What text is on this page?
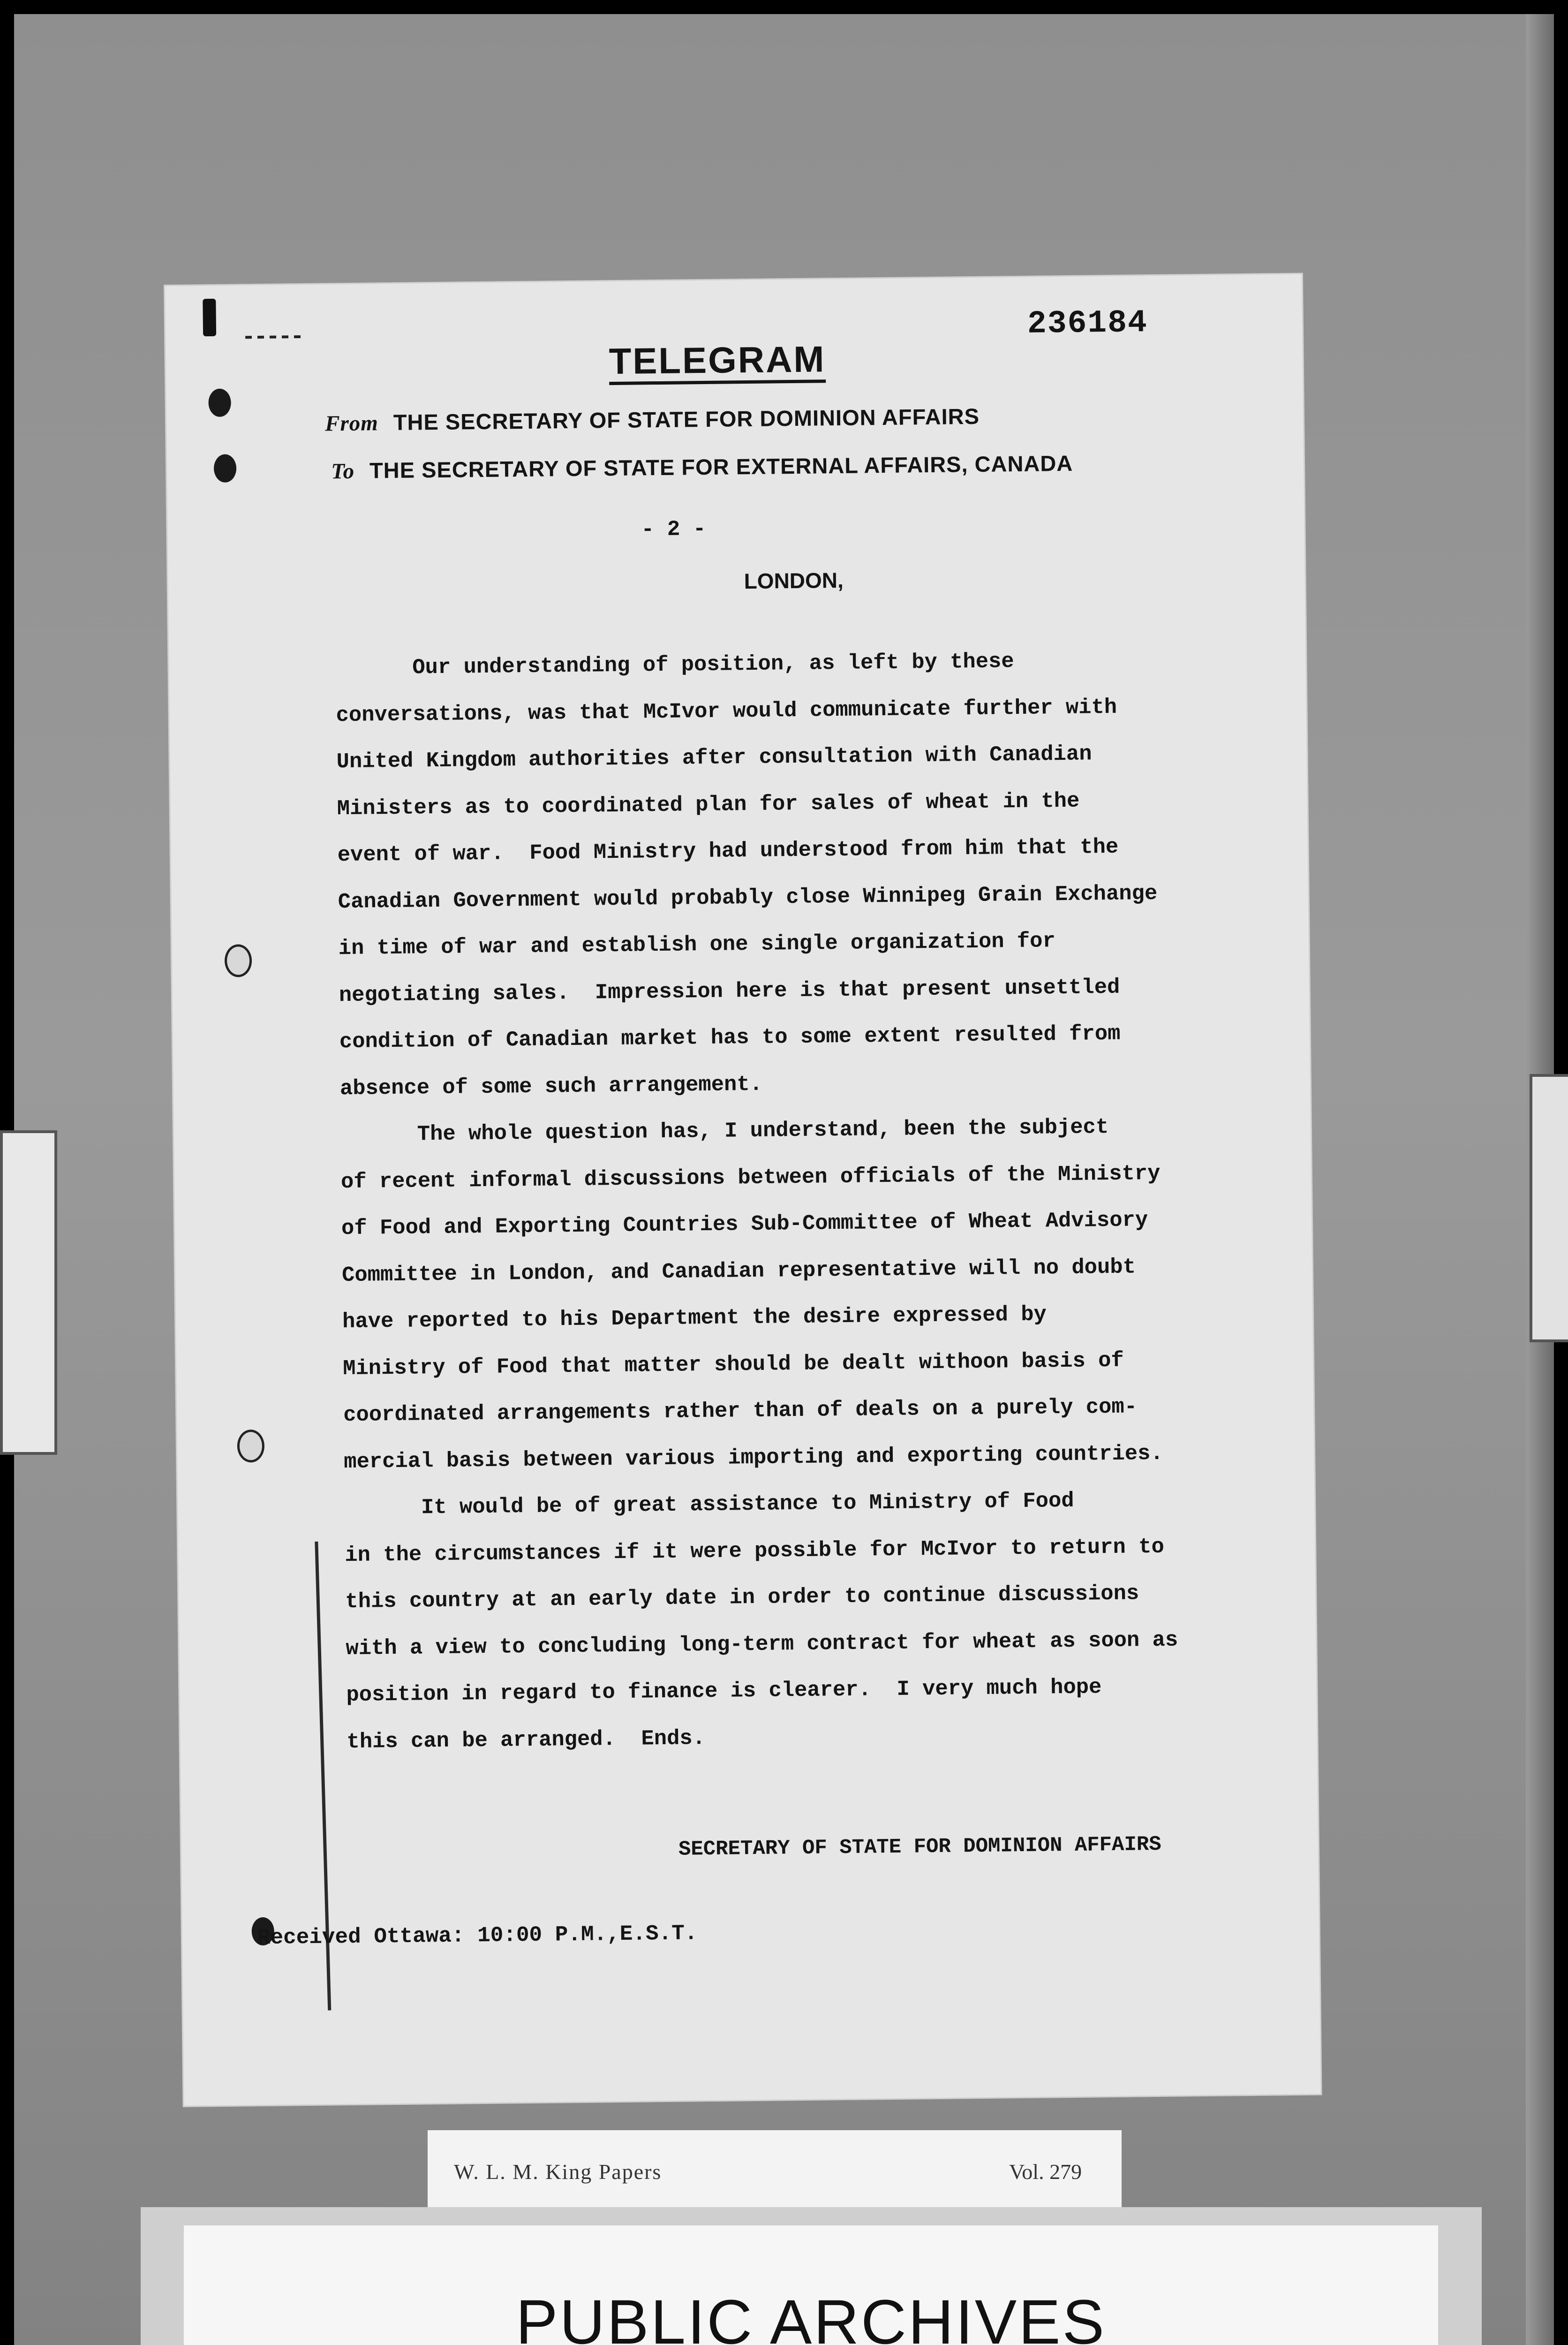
236184
TELEGRAM
From THE SECRETARY OF STATE FOR DOMINION AFFAIRS
To THE SECRETARY OF STATE FOR EXTERNAL AFFAIRS, CANADA
- 2 -
LONDON,
Our understanding of position, as left by these
conversations, was that McIvor would communicate further with
United Kingdom authorities after consultation with Canadian
Ministers as to coordinated plan for sales of wheat in the
event of war.  Food Ministry had understood from him that the
Canadian Government would probably close Winnipeg Grain Exchange
in time of war and establish one single organization for
negotiating sales.  Impression here is that present unsettled
condition of Canadian market has to some extent resulted from
absence of some such arrangement.
The whole question has, I understand, been the subject
of recent informal discussions between officials of the Ministry
of Food and Exporting Countries Sub-Committee of Wheat Advisory
Committee in London, and Canadian representative will no doubt
have reported to his Department the desire expressed by
Ministry of Food that matter should be dealt withoon basis of
coordinated arrangements rather than of deals on a purely com-
mercial basis between various importing and exporting countries.
It would be of great assistance to Ministry of Food
in the circumstances if it were possible for McIvor to return to
this country at an early date in order to continue discussions
with a view to concluding long-term contract for wheat as soon as
position in regard to finance is clearer.  I very much hope
this can be arranged.  Ends.
SECRETARY OF STATE FOR DOMINION AFFAIRS
Received Ottawa: 10:00 P.M.,E.S.T.
W. L. M. King Papers	Vol. 279
PUBLIC ARCHIVES
